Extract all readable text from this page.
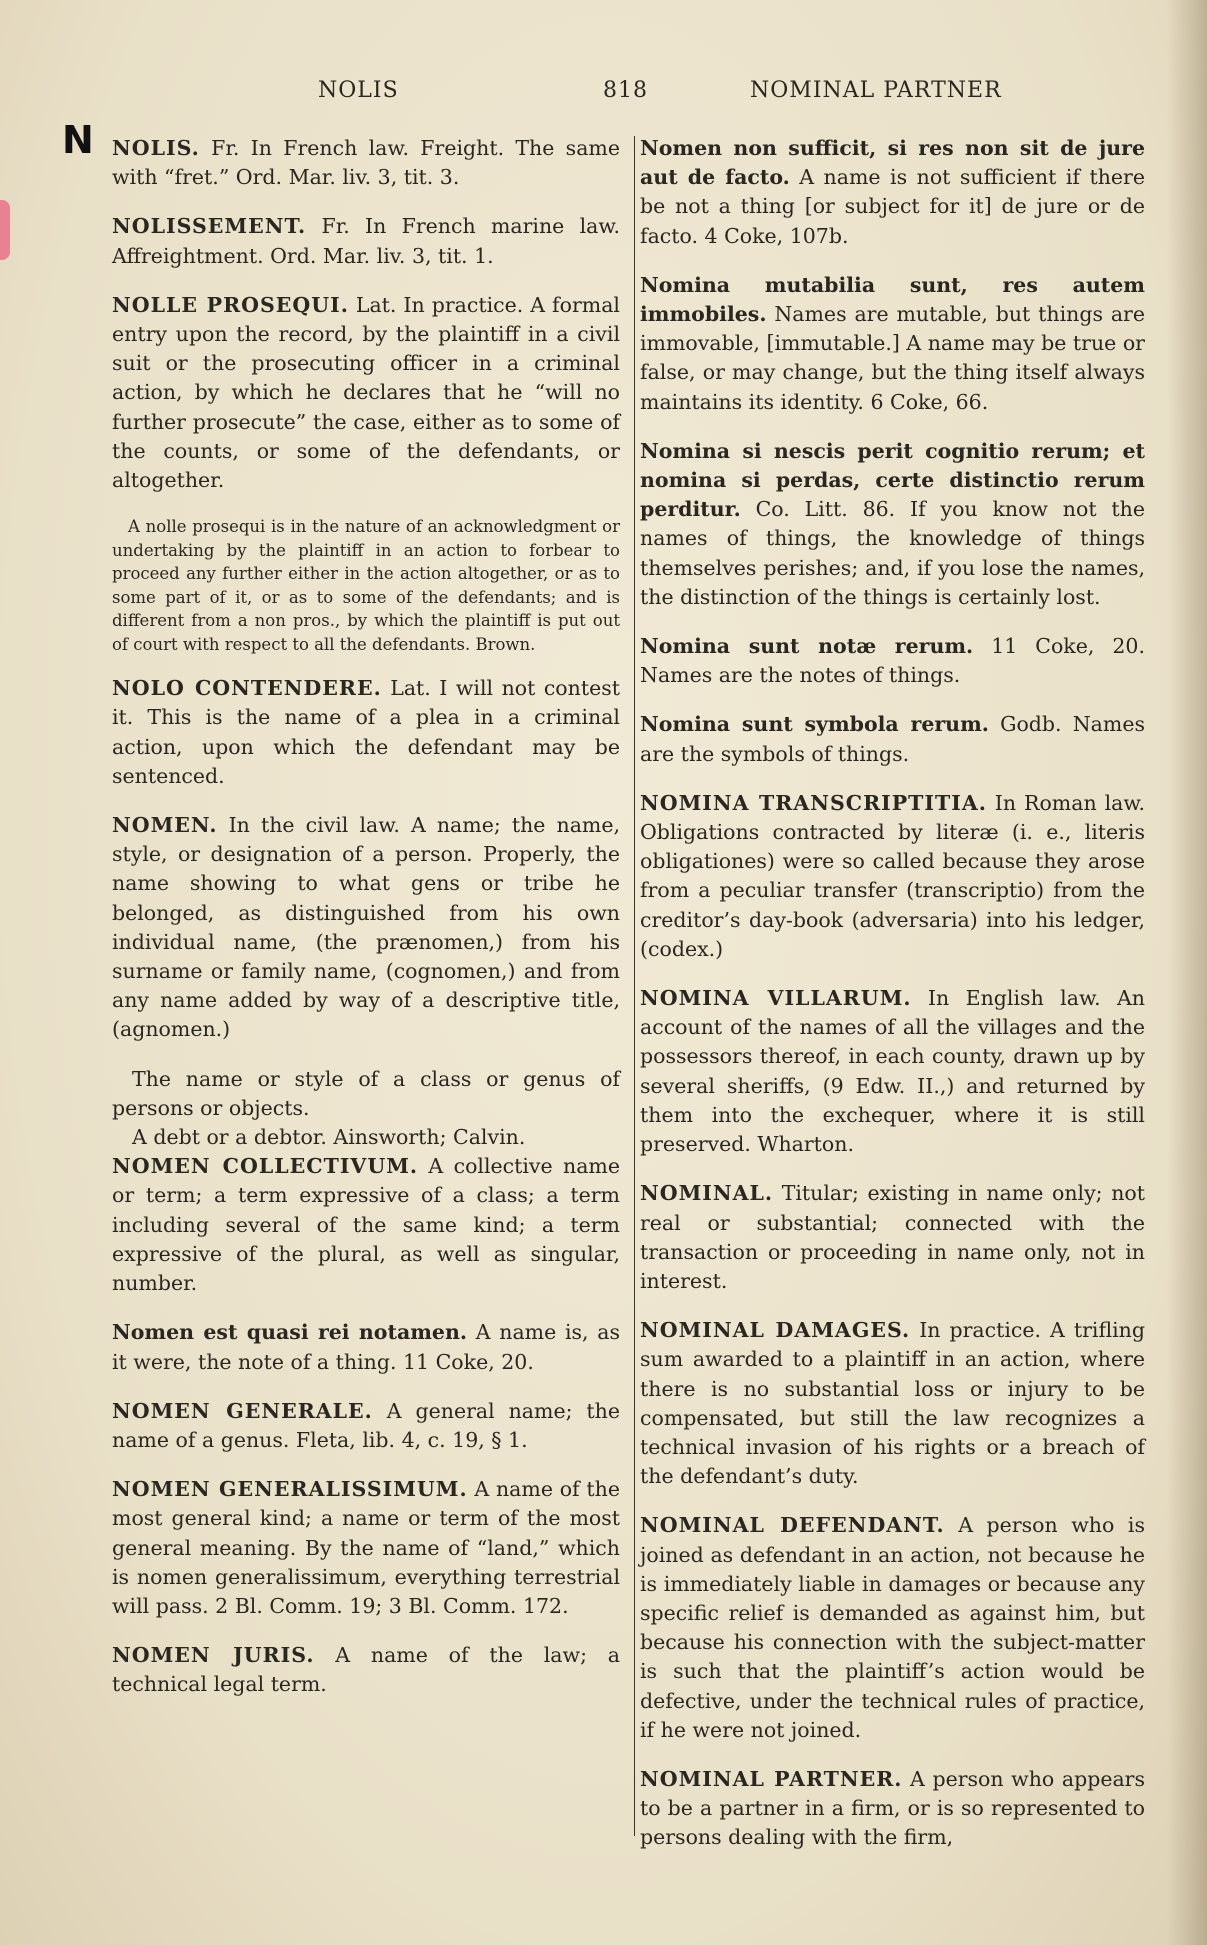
NOLIS	818	NOMINAL PARTNER
N NOLIS. Fr. In French law. Freight. The same with “fret.” Ord. Mar. liv. 3, tit. 3.

NOLISSEMENT. Fr. In French marine law. Affreightment. Ord. Mar. liv. 3, tit. 1.

NOLLE PROSEQUI. Lat. In practice. A formal entry upon the record, by the plaintiff in a civil suit or the prosecuting officer in a criminal action, by which he declares that he “will no further prosecute” the case, either as to some of the counts, or some of the defendants, or altogether.

A nolle prosequi is in the nature of an acknowledgment or undertaking by the plaintiff in an action to forbear to proceed any further either in the action altogether, or as to some part of it, or as to some of the defendants; and is different from a non pros., by which the plaintiff is put out of court with respect to all the defendants. Brown.

NOLO CONTENDERE. Lat. I will not contest it. This is the name of a plea in a criminal action, upon which the defendant may be sentenced.

NOMEN. In the civil law. A name; the name, style, or designation of a person. Properly, the name showing to what gens or tribe he belonged, as distinguished from his own individual name, (the prænomen,) from his surname or family name, (cognomen,) and from any name added by way of a descriptive title, (agnomen.)

The name or style of a class or genus of persons or objects.

A debt or a debtor. Ainsworth; Calvin.

NOMEN COLLECTIVUM. A collective name or term; a term expressive of a class; a term including several of the same kind; a term expressive of the plural, as well as singular, number.

Nomen est quasi rei notamen. A name is, as it were, the note of a thing. 11 Coke, 20.

NOMEN GENERALE. A general name; the name of a genus. Fleta, lib. 4, c. 19, § 1.

NOMEN GENERALISSIMUM. A name of the most general kind; a name or term of the most general meaning. By the name of “land,” which is nomen generalissimum, everything terrestrial will pass. 2 Bl. Comm. 19; 3 Bl. Comm. 172.

NOMEN JURIS. A name of the law; a technical legal term.

Nomen non sufficit, si res non sit de jure aut de facto. A name is not sufficient if there be not a thing [or subject for it] de jure or de facto. 4 Coke, 107b.

Nomina mutabilia sunt, res autem immobiles. Names are mutable, but things are immovable, [immutable.] A name may be true or false, or may change, but the thing itself always maintains its identity. 6 Coke, 66.

Nomina si nescis perit cognitio rerum; et nomina si perdas, certe distinctio rerum perditur. Co. Litt. 86. If you know not the names of things, the knowledge of things themselves perishes; and, if you lose the names, the distinction of the things is certainly lost.

Nomina sunt notæ rerum. 11 Coke, 20. Names are the notes of things.

Nomina sunt symbola rerum. Godb. Names are the symbols of things.

NOMINA TRANSCRIPTITIA. In Roman law. Obligations contracted by literæ (i. e., literis obligationes) were so called because they arose from a peculiar transfer (transcriptio) from the creditor’s day-book (adversaria) into his ledger, (codex.)

NOMINA VILLARUM. In English law. An account of the names of all the villages and the possessors thereof, in each county, drawn up by several sheriffs, (9 Edw. II.,) and returned by them into the exchequer, where it is still preserved. Wharton.

NOMINAL. Titular; existing in name only; not real or substantial; connected with the transaction or proceeding in name only, not in interest.

NOMINAL DAMAGES. In practice. A trifling sum awarded to a plaintiff in an action, where there is no substantial loss or injury to be compensated, but still the law recognizes a technical invasion of his rights or a breach of the defendant’s duty.

NOMINAL DEFENDANT. A person who is joined as defendant in an action, not because he is immediately liable in damages or because any specific relief is demanded as against him, but because his connection with the subject-matter is such that the plaintiff’s action would be defective, under the technical rules of practice, if he were not joined.

NOMINAL PARTNER. A person who appears to be a partner in a firm, or is so represented to persons dealing with the firm,
